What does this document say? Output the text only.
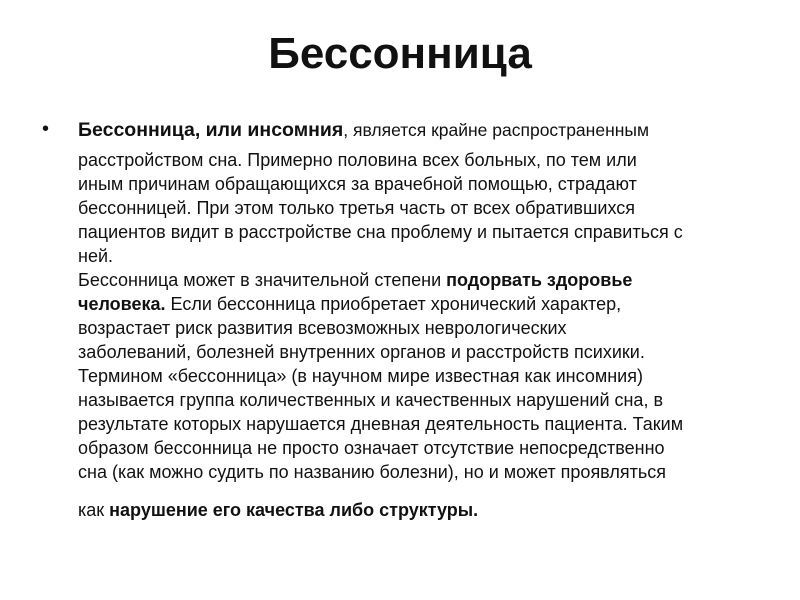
Бессонница
• Бессонница, или инсомния, является крайне распространенным
расстройством сна. Примерно половина всех больных, по тем или
иным причинам обращающихся за врачебной помощью, страдают
бессонницей. При этом только третья часть от всех обратившихся
пациентов видит в расстройстве сна проблему и пытается справиться с
ней.
Бессонница может в значительной степени подорвать здоровье
человека. Если бессонница приобретает хронический характер,
возрастает риск развития всевозможных неврологических
заболеваний, болезней внутренних органов и расстройств психики.
Термином «бессонница» (в научном мире известная как инсомния)
называется группа количественных и качественных нарушений сна, в
результате которых нарушается дневная деятельность пациента. Таким
образом бессонница не просто означает отсутствие непосредственно
сна (как можно судить по названию болезни), но и может проявляться
как нарушение его качества либо структуры.
